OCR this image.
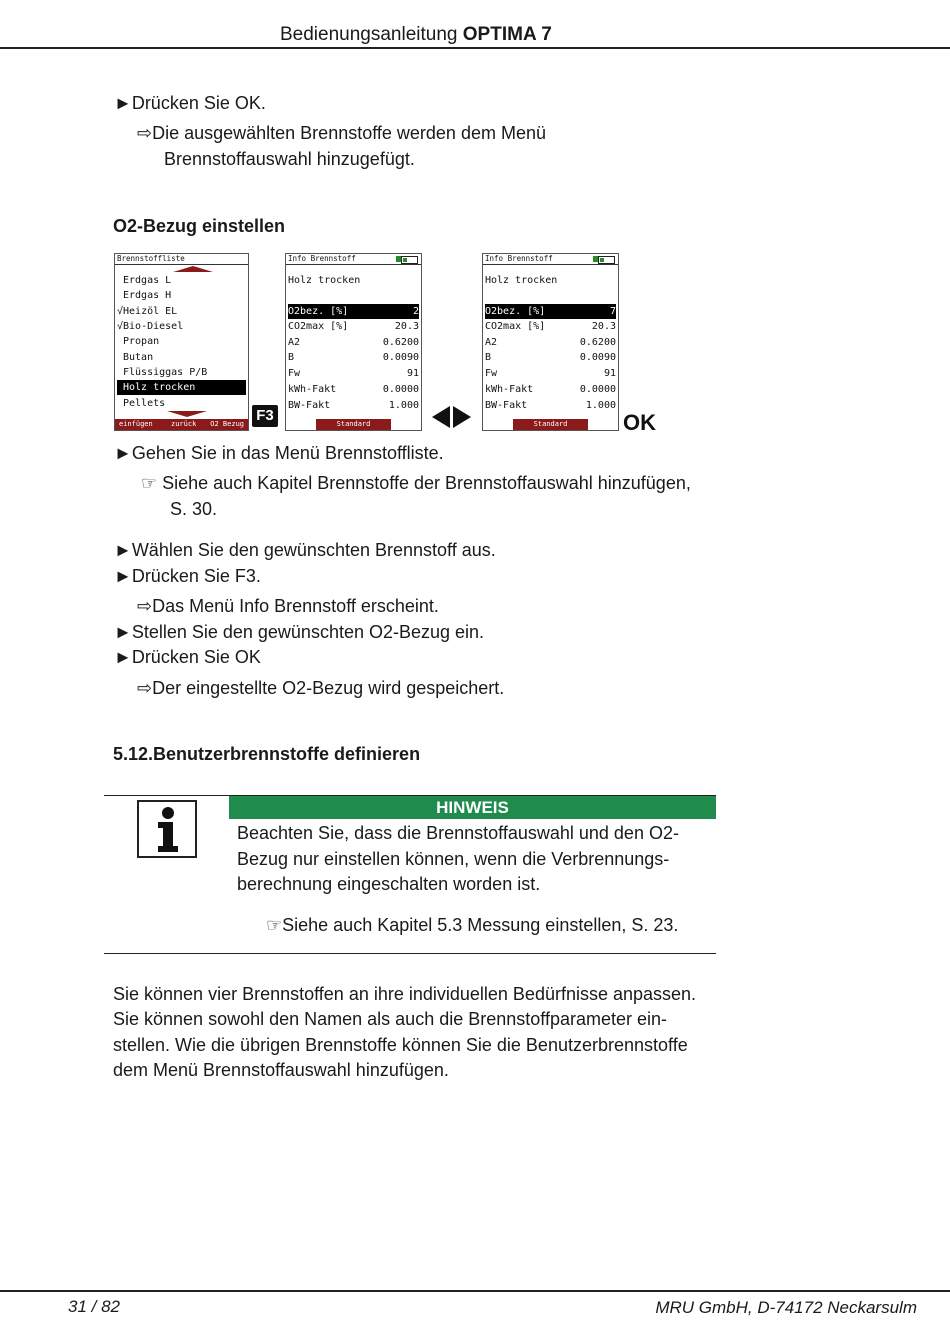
Bedienungsanleitung OPTIMA 7
►Drücken Sie OK.
⇨Die ausgewählten Brennstoffe werden dem Menü
Brennstoffauswahl hinzugefügt.
O2-Bezug einstellen
Brennstoffliste
Erdgas L
Erdgas H
√Heizöl EL
√Bio-Diesel
Propan
Butan
Flüssiggas P/B
Holz trocken
Pellets
einfügen	zurück O2 Bezug F3
Info Brennstoff
Holz trocken
O2bez. [%]	2
CO2max [%]	20.3
A2	0.6200
B	0.0090
Fw	91
kWh-Fakt	0.0000
BW-Fakt	1.000
Standard
Info Brennstoff
Holz trocken
O2bez. [%]	7
CO2max [%]	20.3
A2	0.6200
B	0.0090
Fw	91
kWh-Fakt	0.0000
BW-Fakt	1.000
Standard	OK
►Gehen Sie in das Menü Brennstoffliste.
☞ Siehe auch Kapitel Brennstoffe der Brennstoffauswahl hinzufügen,
S. 30.
►Wählen Sie den gewünschten Brennstoff aus.
►Drücken Sie F3.
⇨Das Menü Info Brennstoff erscheint.
►Stellen Sie den gewünschten O2-Bezug ein.
►Drücken Sie OK
⇨Der eingestellte O2-Bezug wird gespeichert.
5.12.Benutzerbrennstoffe definieren
HINWEIS
Beachten Sie, dass die Brennstoffauswahl und den O2-
Bezug nur einstellen können, wenn die Verbrennungs-
berechnung eingeschalten worden ist.
☞Siehe auch Kapitel 5.3 Messung einstellen, S. 23.
Sie können vier Brennstoffen an ihre individuellen Bedürfnisse anpassen.
Sie können sowohl den Namen als auch die Brennstoffparameter ein-
stellen. Wie die übrigen Brennstoffe können Sie die Benutzerbrennstoffe
dem Menü Brennstoffauswahl hinzufügen.
31 / 82	MRU GmbH, D-74172 Neckarsulm
